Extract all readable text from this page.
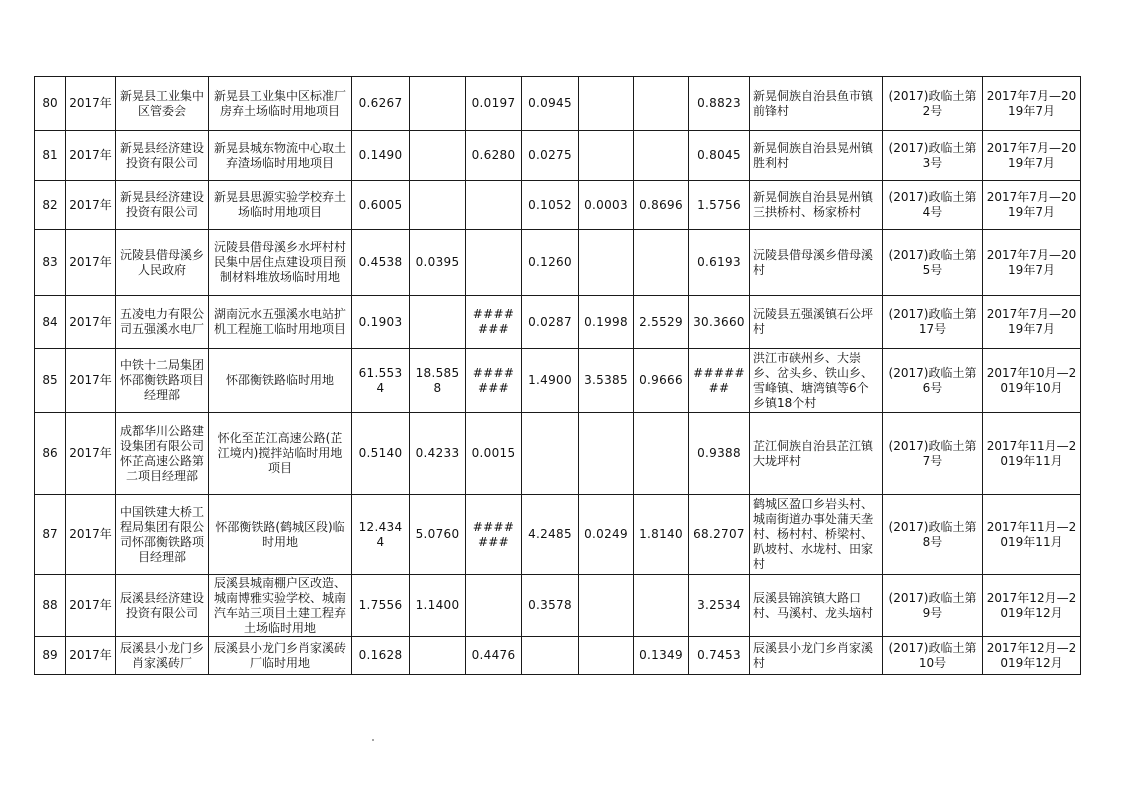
80	2017年	新晃县工业集中区管委会	新晃县工业集中区标准厂房弃土场临时用地项目	0.6267		0.0197	0.0945			0.8823	新晃侗族自治县鱼市镇前锋村	(2017)政临土第2号	2017年7月—2019年7月
81	2017年	新晃县经济建设投资有限公司	新晃县城东物流中心取土弃渣场临时用地项目	0.1490		0.6280	0.0275			0.8045	新晃侗族自治县晃州镇胜利村	(2017)政临土第3号	2017年7月—2019年7月
82	2017年	新晃县经济建设投资有限公司	新晃县思源实验学校弃土场临时用地项目	0.6005			0.1052	0.0003	0.8696	1.5756	新晃侗族自治县晃州镇三拱桥村、杨家桥村	(2017)政临土第4号	2017年7月—2019年7月
83	2017年	沅陵县借母溪乡人民政府	沅陵县借母溪乡水坪村村民集中居住点建设项目预制材料堆放场临时用地	0.4538	0.0395		0.1260			0.6193	沅陵县借母溪乡借母溪村	(2017)政临土第5号	2017年7月—2019年7月
84	2017年	五凌电力有限公司五强溪水电厂	湖南沅水五强溪水电站扩机工程施工临时用地项目	0.1903		#######	0.0287	0.1998	2.5529	30.3660	沅陵县五强溪镇石公坪村	(2017)政临土第17号	2017年7月—2019年7月
85	2017年	中铁十二局集团怀邵衡铁路项目经理部	怀邵衡铁路临时用地	61.5534	18.5858	#######	1.4900	3.5385	0.9666	#######	洪江市硖州乡、大崇乡、岔头乡、铁山乡、雪峰镇、塘湾镇等6个乡镇18个村	(2017)政临土第6号	2017年10月—2019年10月
86	2017年	成都华川公路建设集团有限公司怀芷高速公路第二项目经理部	怀化至芷江高速公路(芷江境内)搅拌站临时用地项目	0.5140	0.4233	0.0015				0.9388	芷江侗族自治县芷江镇大垅坪村	(2017)政临土第7号	2017年11月—2019年11月
87	2017年	中国铁建大桥工程局集团有限公司怀邵衡铁路项目经理部	怀邵衡铁路(鹤城区段)临时用地	12.4344	5.0760	#######	4.2485	0.0249	1.8140	68.2707	鹤城区盈口乡岩头村、城南街道办事处蒲天垄村、杨村村、桥梁村、趴坡村、水垅村、田家村	(2017)政临土第8号	2017年11月—2019年11月
88	2017年	辰溪县经济建设投资有限公司	辰溪县城南棚户区改造、城南博雅实验学校、城南汽车站三项目土建工程弃土场临时用地	1.7556	1.1400		0.3578			3.2534	辰溪县锦滨镇大路口村、马溪村、龙头垴村	(2017)政临土第9号	2017年12月—2019年12月
89	2017年	辰溪县小龙门乡肖家溪砖厂	辰溪县小龙门乡肖家溪砖厂临时用地	0.1628		0.4476			0.1349	0.7453	辰溪县小龙门乡肖家溪村	(2017)政临土第10号	2017年12月—2019年12月
